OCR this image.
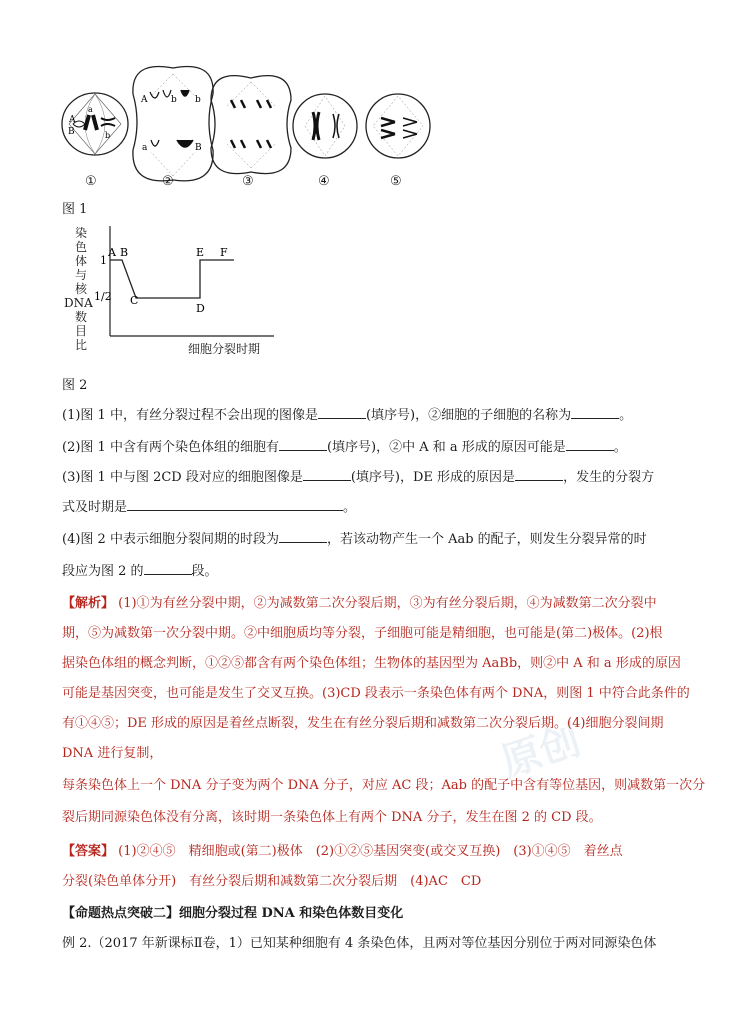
A
a
B	b
A	b b
a	B
①	②	③	④	⑤
图 1
染
色
体
与
核
DNA
数
目
比
1
1/2
A B
C
D
E F
细胞分裂时期
图 2
(1)图 1 中，有丝分裂过程不会出现的图像是	(填序号)，②细胞的子细胞的名称为	。
(2)图 1 中含有两个染色体组的细胞有	(填序号)，②中 A 和 a 形成的原因可能是	。
(3)图 1 中与图 2CD 段对应的细胞图像是	(填序号)，DE 形成的原因是	，发生的分裂方
式及时期是	。
(4)图 2 中表示细胞分裂间期的时段为	，若该动物产生一个 Aab 的配子，则发生分裂异常的时
段应为图 2 的	段。
原创
【解析】 (1)①为有丝分裂中期，②为减数第二次分裂后期，③为有丝分裂后期，④为减数第二次分裂中
期，⑤为减数第一次分裂中期。②中细胞质均等分裂，子细胞可能是精细胞，也可能是(第二)极体。(2)根
据染色体组的概念判断，①②⑤都含有两个染色体组；生物体的基因型为 AaBb，则②中 A 和 a 形成的原因
可能是基因突变，也可能是发生了交叉互换。(3)CD 段表示一条染色体有两个 DNA，则图 1 中符合此条件的
有①④⑤；DE 形成的原因是着丝点断裂，发生在有丝分裂后期和减数第二次分裂后期。(4)细胞分裂间期
DNA 进行复制，
每条染色体上一个 DNA 分子变为两个 DNA 分子，对应 AC 段；Aab 的配子中含有等位基因，则减数第一次分
裂后期同源染色体没有分离，该时期一条染色体上有两个 DNA 分子，发生在图 2 的 CD 段。
【答案】 (1)②④⑤　精细胞或(第二)极体　(2)①②⑤基因突变(或交叉互换)　(3)①④⑤　着丝点
分裂(染色单体分开)　有丝分裂后期和减数第二次分裂后期　(4)AC　CD
【命题热点突破二】细胞分裂过程 DNA 和染色体数目变化
例 2.（2017 年新课标Ⅱ卷，1）已知某种细胞有 4 条染色体，且两对等位基因分别位于两对同源染色体
